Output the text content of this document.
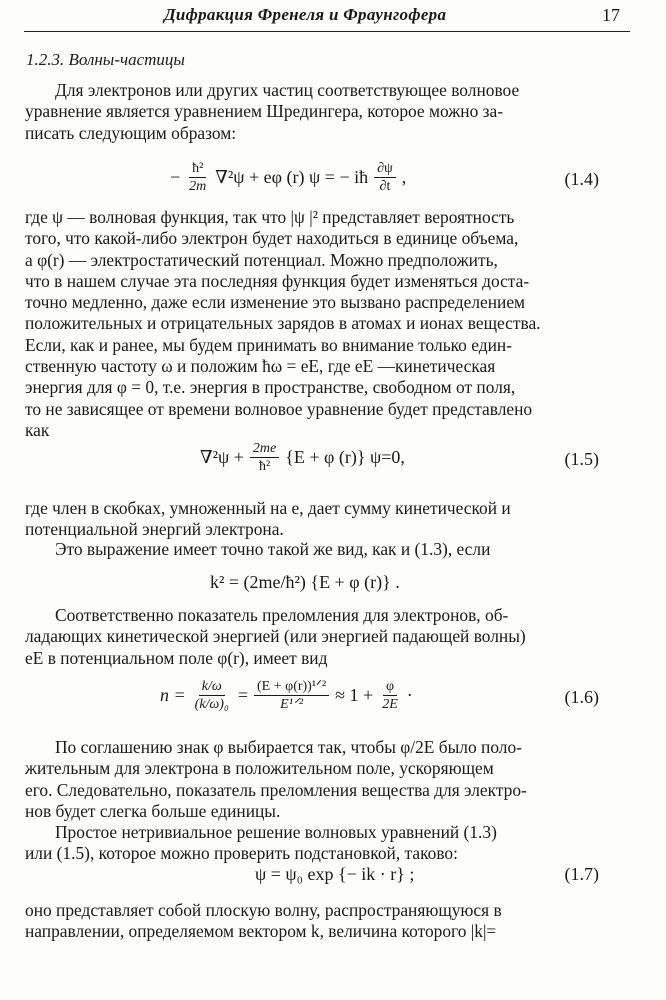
Дифракция Френеля и Фраунгофера	17
1.2.3. Волны-частицы
Для электронов или других частиц соответствующее волновое
уравнение является уравнением Шредингера, которое можно за-
писать следующим образом:
− $\frac{\text{ħ²}}{2m} \nabla^2\psi + e\varphi$ (r) ψ = − iħ $\frac{\partial\psi}{\partial t}$ ,	(1.4)
где ψ — волновая функция, так что |ψ |² представляет вероятность
того, что какой-либо электрон будет находиться в единице объема,
а φ(r) — электростатический потенциал. Можно предположить,
что в нашем случае эта последняя функция будет изменяться доста-
точно медленно, даже если изменение это вызвано распределением
положительных и отрицательных зарядов в атомах и ионах вещества.
Если, как и ранее, мы будем принимать во внимание только един-
ственную частоту ω и положим ħω = eE, где eE —кинетическая
энергия для φ = 0, т.е. энергия в пространстве, свободном от поля,
то не зависящее от времени волновое уравнение будет представлено
как
$\nabla^2\psi + \frac{2me}{\text{ħ²}} \{E + \varphi$ (r)} ψ=0,	(1.5)
где член в скобках, умноженный на e, дает сумму кинетической и
потенциальной энергий электрона.
Это выражение имеет точно такой же вид, как и (1.3), если
k² = (2me/ħ²) {E + φ (r)} .
Соответственно показатель преломления для электронов, об-
ладающих кинетической энергией (или энергией падающей волны)
eE в потенциальном поле φ(r), имеет вид
$n = \frac{k/\omega}{\text{(k/ω)₀}} = \frac{\text{(E + φ(r))¹ᐟ²}}{\text{E¹ᐟ²}} \approx 1 + \frac{\varphi}{2E}$ ·	(1.6)
По соглашению знак φ выбирается так, чтобы φ/2E было поло-
жительным для электрона в положительном поле, ускоряющем
его. Следовательно, показатель преломления вещества для электро-
нов будет слегка больше единицы.
Простое нетривиальное решение волновых уравнений (1.3)
или (1.5), которое можно проверить подстановкой, таково:
ψ = ψ₀ exp {− ik · r} ;	(1.7)
оно представляет собой плоскую волну, распространяющуюся в
направлении, определяемом вектором k, величина которого |k|=
